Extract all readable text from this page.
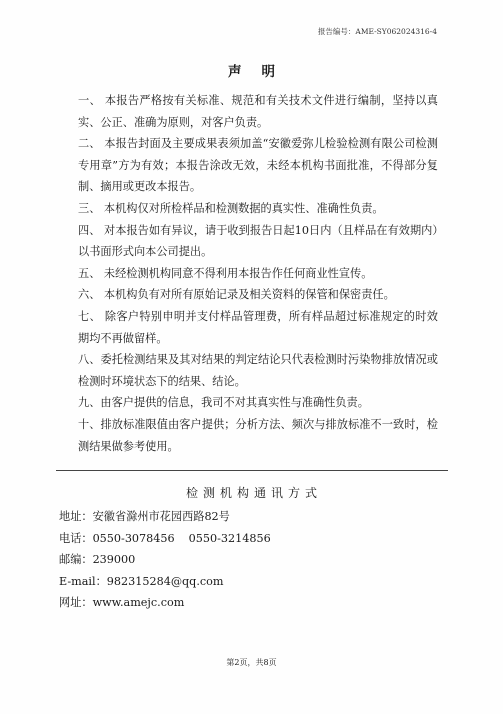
报告编号：AME-SY062024316-4
声明

一、 本报告严格按有关标准、规范和有关技术文件进行编制，坚持以真实、公正、准确为原则，对客户负责。

二、 本报告封面及主要成果表须加盖“安徽爱弥儿检验检测有限公司检测专用章”方为有效；本报告涂改无效，未经本机构书面批准，不得部分复制、摘用或更改本报告。

三、 本机构仅对所检样品和检测数据的真实性、准确性负责。

四、 对本报告如有异议，请于收到报告日起10日内（且样品在有效期内）以书面形式向本公司提出。

五、 未经检测机构同意不得利用本报告作任何商业性宣传。

六、 本机构负有对所有原始记录及相关资料的保管和保密责任。

七、 除客户特别申明并支付样品管理费，所有样品超过标准规定的时效期均不再做留样。

八、委托检测结果及其对结果的判定结论只代表检测时污染物排放情况或检测时环境状态下的结果、结论。

九、由客户提供的信息，我司不对其真实性与准确性负责。

十、排放标准限值由客户提供；分析方法、频次与排放标准不一致时，检测结果做参考使用。

检测机构通讯方式

地址：安徽省滁州市花园西路82号

电话：0550-3078456 0550-3214856

邮编：239000

E-mail：982315284@qq.com

网址：www.amejc.com

第2页，共8页
